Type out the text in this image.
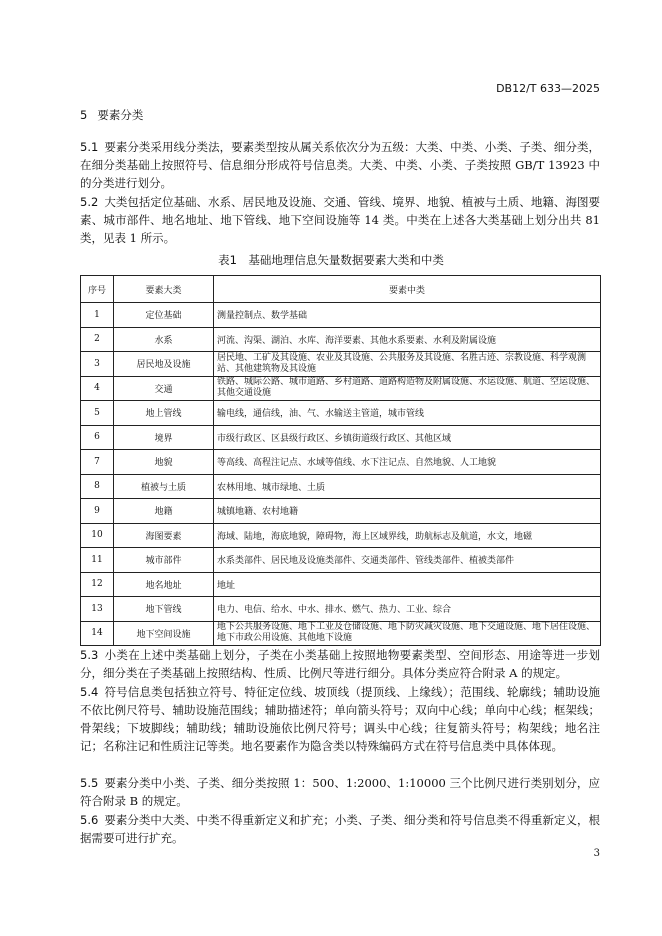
DB12/T 633—2025
5 要素分类
5.1 要素分类采用线分类法，要素类型按从属关系依次分为五级：大类、中类、小类、子类、细分类，在细分类基础上按照符号、信息细分形成符号信息类。大类、中类、小类、子类按照 GB/T 13923 中的分类进行划分。
5.2 大类包括定位基础、水系、居民地及设施、交通、管线、境界、地貌、植被与土质、地籍、海图要素、城市部件、地名地址、地下管线、地下空间设施等 14 类。中类在上述各大类基础上划分出共 81 类，见表 1 所示。
表1　基础地理信息矢量数据要素大类和中类
序号	要素大类	要素中类
1	定位基础	测量控制点、数学基础
2	水系	河流、沟渠、湖泊、水库、海洋要素、其他水系要素、水利及附属设施
3	居民地及设施	居民地、工矿及其设施、农业及其设施、公共服务及其设施、名胜古迹、宗教设施、科学观测站、其他建筑物及其设施
4	交通	铁路、城际公路、城市道路、乡村道路、道路构造物及附属设施、水运设施、航道、空运设施、其他交通设施
5	地上管线	输电线，通信线，油、气、水输送主管道，城市管线
6	境界	市级行政区、区县级行政区、乡镇街道级行政区、其他区域
7	地貌	等高线、高程注记点、水域等值线、水下注记点、自然地貌、人工地貌
8	植被与土质	农林用地、城市绿地、土质
9	地籍	城镇地籍、农村地籍
10	海图要素	海域、陆地，海底地貌，障碍物，海上区域界线，助航标志及航道，水文，地磁
11	城市部件	水系类部件、居民地及设施类部件、交通类部件、管线类部件、植被类部件
12	地名地址	地址
13	地下管线	电力、电信、给水、中水、排水、燃气、热力、工业、综合
14	地下空间设施	地下公共服务设施、地下工业及仓储设施、地下防灾减灾设施、地下交通设施、地下居住设施、地下市政公用设施、其他地下设施
5.3 小类在上述中类基础上划分，子类在小类基础上按照地物要素类型、空间形态、用途等进一步划分，细分类在子类基础上按照结构、性质、比例尺等进行细分。具体分类应符合附录 A 的规定。
5.4 符号信息类包括独立符号、特征定位线、坡顶线（提顶线、上缘线）；范围线、轮廓线；辅助设施不依比例尺符号、辅助设施范围线；辅助描述符；单向箭头符号；双向中心线；单向中心线；框架线；骨架线；下坡脚线；辅助线；辅助设施依比例尺符号；调头中心线；往复箭头符号；构架线；地名注记；名称注记和性质注记等类。地名要素作为隐含类以特殊编码方式在符号信息类中具体体现。
5.5 要素分类中小类、子类、细分类按照 1：500、1:2000、1:10000 三个比例尺进行类别划分，应符合附录 B 的规定。
5.6 要素分类中大类、中类不得重新定义和扩充；小类、子类、细分类和符号信息类不得重新定义，根据需要可进行扩充。
3
